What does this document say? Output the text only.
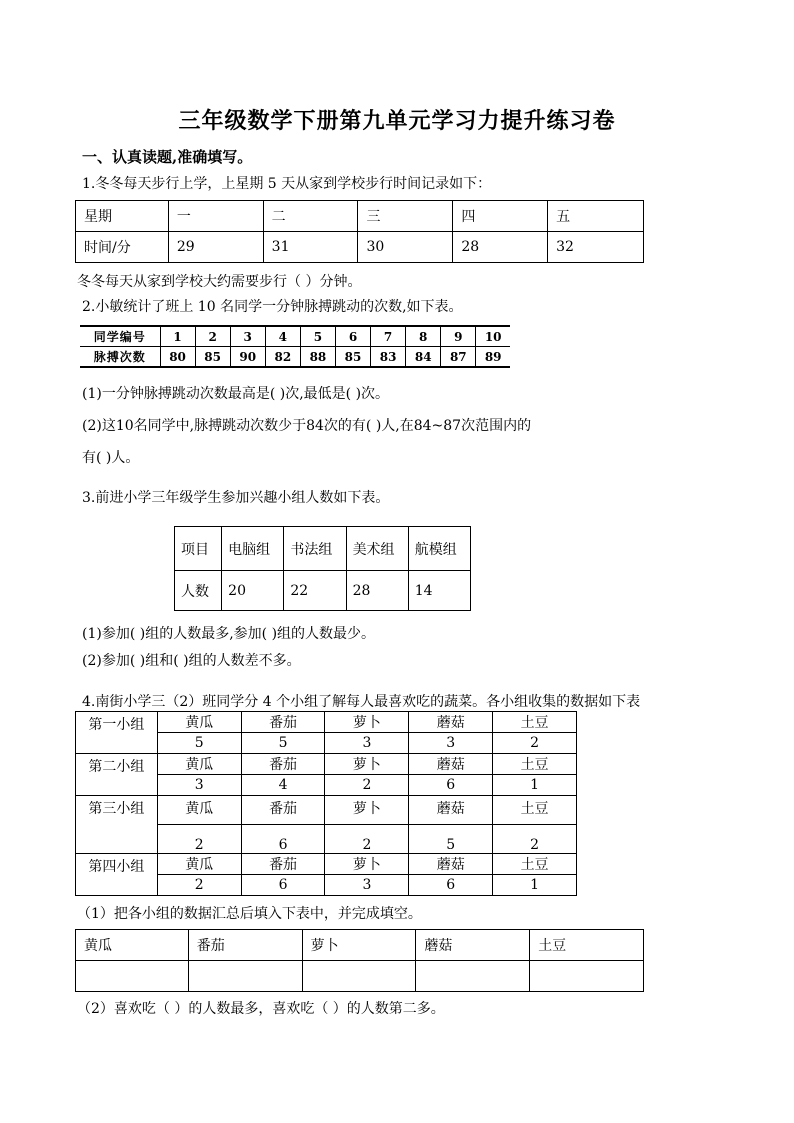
三年级数学下册第九单元学习力提升练习卷
一、认真读题,准确填写。
1.冬冬每天步行上学，上星期 5 天从家到学校步行时间记录如下：
星期	一	二	三	四	五
时间/分	29	31	30	28	32
冬冬每天从家到学校大约需要步行（ ）分钟。
2.小敏统计了班上 10 名同学一分钟脉搏跳动的次数,如下表。
同学编号	1	2	3	4	5	6	7	8	9	10
脉搏次数	80	85	90	82	88	85	83	84	87	89
(1)一分钟脉搏跳动次数最高是( )次,最低是( )次。
(2)这10名同学中,脉搏跳动次数少于84次的有( )人,在84~87次范围内的
有( )人。
3.前进小学三年级学生参加兴趣小组人数如下表。
项目	电脑组	书法组	美术组	航模组
人数	20	22	28	14
(1)参加( )组的人数最多,参加( )组的人数最少。
(2)参加( )组和( )组的人数差不多。
4.南街小学三（2）班同学分 4 个小组了解每人最喜欢吃的蔬菜。各小组收集的数据如下表
第一小组	黄瓜	番茄	萝卜	蘑菇	土豆
	5	5	3	3	2
第二小组	黄瓜	番茄	萝卜	蘑菇	土豆
	3	4	2	6	1
第三小组	黄瓜	番茄	萝卜	蘑菇	土豆
	2	6	2	5	2
第四小组	黄瓜	番茄	萝卜	蘑菇	土豆
	2	6	3	6	1
（1）把各小组的数据汇总后填入下表中，并完成填空。
黄瓜	番茄	萝卜	蘑菇	土豆

（2）喜欢吃（ ）的人数最多，喜欢吃（ ）的人数第二多。
